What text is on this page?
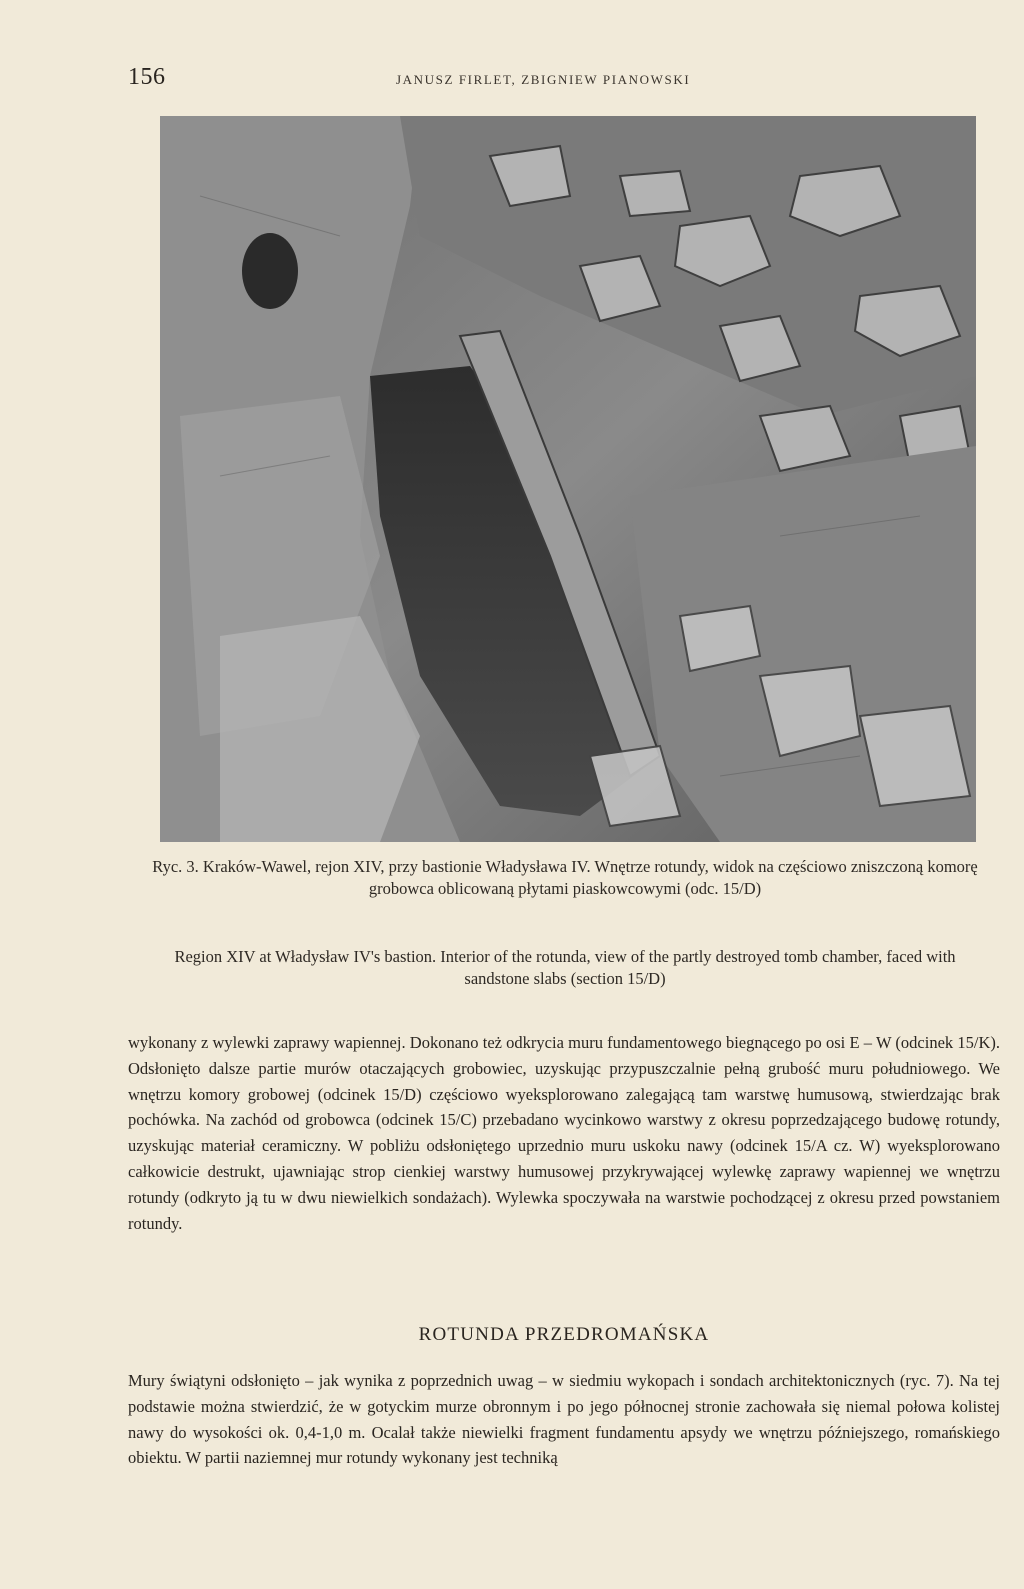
156	JANUSZ FIRLET, ZBIGNIEW PIANOWSKI

Ryc. 3. Kraków-Wawel, rejon XIV, przy bastionie Władysława IV. Wnętrze rotundy, widok na częściowo zniszczoną komorę grobowca oblicowaną płytami piaskowcowymi (odc. 15/D)

Region XIV at Władysław IV's bastion. Interior of the rotunda, view of the partly destroyed tomb chamber, faced with sandstone slabs (section 15/D)

wykonany z wylewki zaprawy wapiennej. Dokonano też odkrycia muru fundamentowego biegnącego po osi E – W (odcinek 15/K). Odsłonięto dalsze partie murów otaczających grobowiec, uzyskując przypuszczalnie pełną grubość muru południowego. We wnętrzu komory grobowej (odcinek 15/D) częściowo wyeksplorowano zalegającą tam warstwę humusową, stwierdzając brak pochówka. Na zachód od grobowca (odcinek 15/C) przebadano wycinkowo warstwy z okresu poprzedzającego budowę rotundy, uzyskując materiał ceramiczny. W pobliżu odsłoniętego uprzednio muru uskoku nawy (odcinek 15/A cz. W) wyeksplorowano całkowicie destrukt, ujawniając strop cienkiej warstwy humusowej przykrywającej wylewkę zaprawy wapiennej we wnętrzu rotundy (odkryto ją tu w dwu niewielkich sondażach). Wylewka spoczywała na warstwie pochodzącej z okresu przed powstaniem rotundy.

ROTUNDA PRZEDROMAŃSKA

Mury świątyni odsłonięto – jak wynika z poprzednich uwag – w siedmiu wykopach i sondach architektonicznych (ryc. 7). Na tej podstawie można stwierdzić, że w gotyckim murze obronnym i po jego północnej stronie zachowała się niemal połowa kolistej nawy do wysokości ok. 0,4-1,0 m. Ocalał także niewielki fragment fundamentu apsydy we wnętrzu późniejszego, romańskiego obiektu. W partii naziemnej mur rotundy wykonany jest techniką
